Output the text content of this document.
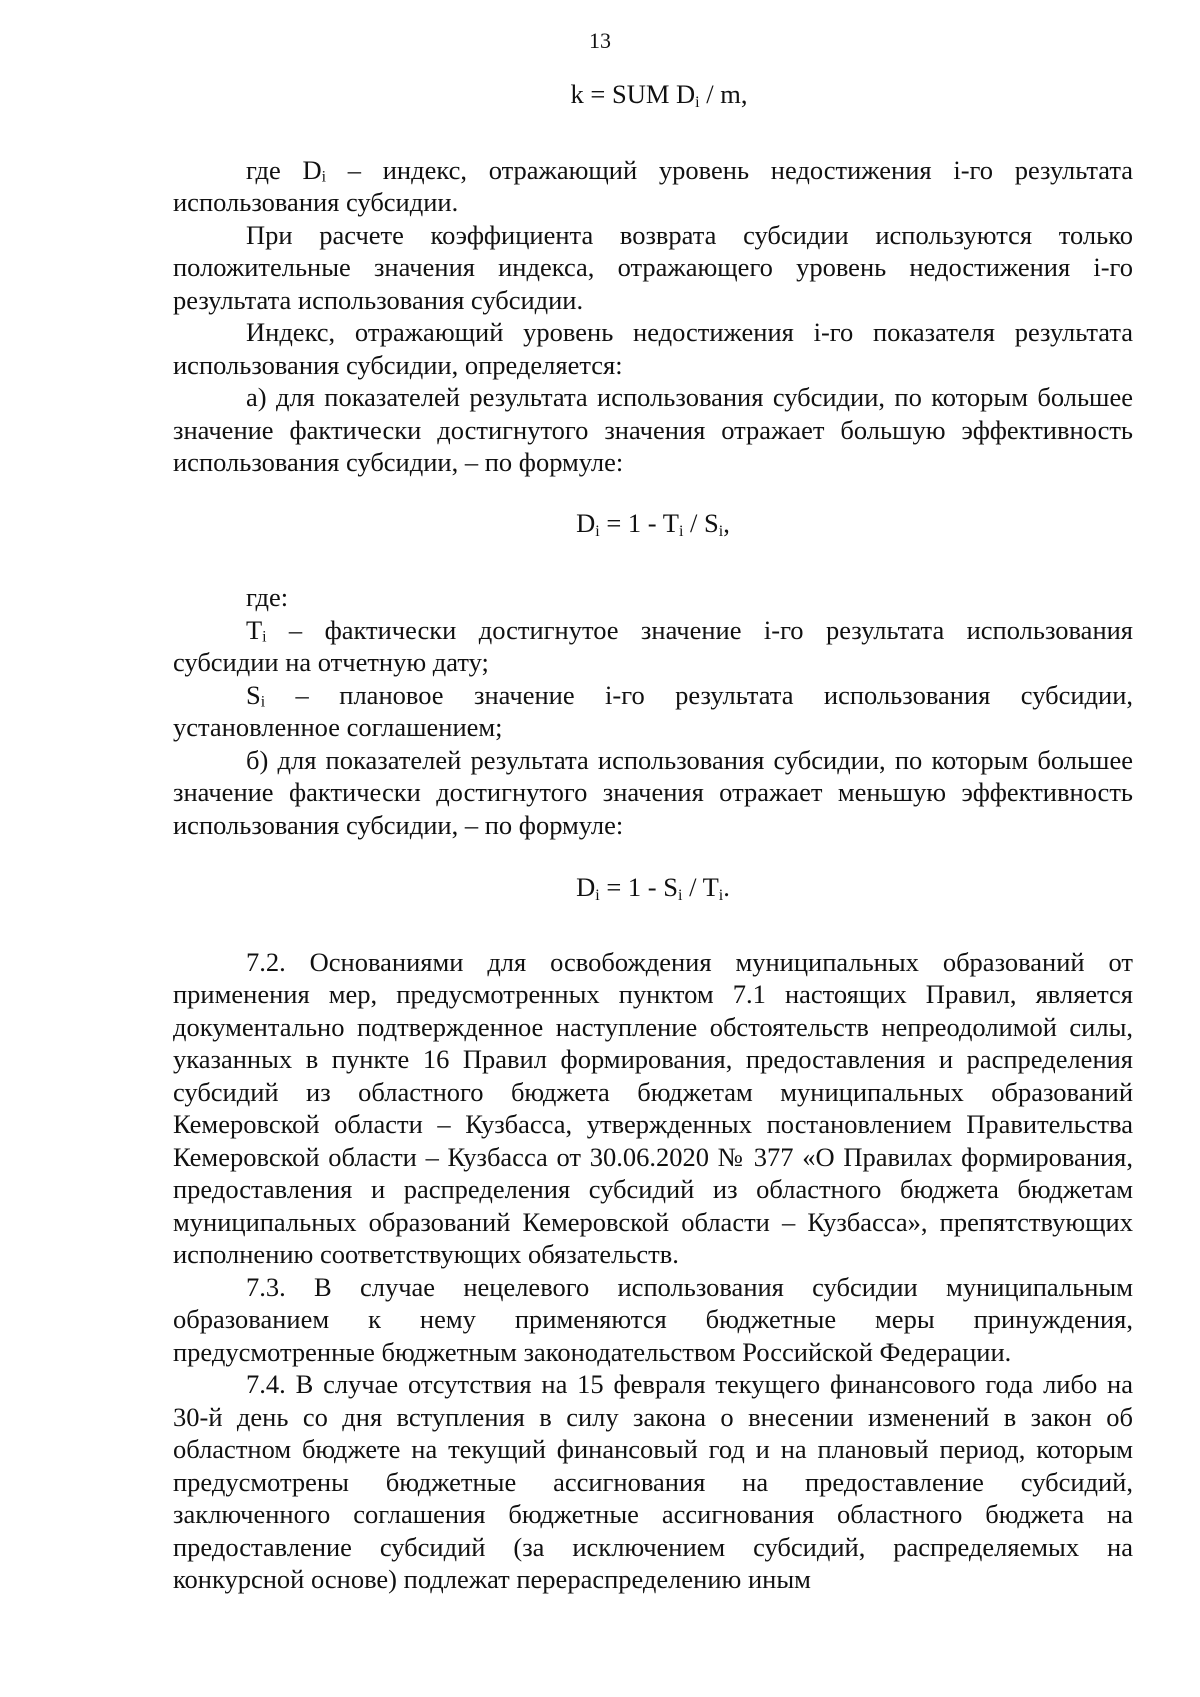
13
k = SUM $D_i$ / m,

где Dᵢ – индекс, отражающий уровень недостижения i-го результата использования субсидии.

При расчете коэффициента возврата субсидии используются только положительные значения индекса, отражающего уровень недостижения i-го результата использования субсидии.

Индекс, отражающий уровень недостижения i-го показателя результата использования субсидии, определяется:

а) для показателей результата использования субсидии, по которым большее значение фактически достигнутого значения отражает большую эффективность использования субсидии, – по формуле:

$D_i = 1 - T_i / S_i$,

где:

Tᵢ – фактически достигнутое значение i-го результата использования субсидии на отчетную дату;

Sᵢ – плановое значение i-го результата использования субсидии, установленное соглашением;

б) для показателей результата использования субсидии, по которым большее значение фактически достигнутого значения отражает меньшую эффективность использования субсидии, – по формуле:

$D_i = 1 - S_i / T_i$.

7.2. Основаниями для освобождения муниципальных образований от применения мер, предусмотренных пунктом 7.1 настоящих Правил, является документально подтвержденное наступление обстоятельств непреодолимой силы, указанных в пункте 16 Правил формирования, предоставления и распределения субсидий из областного бюджета бюджетам муниципальных образований Кемеровской области – Кузбасса, утвержденных постановлением Правительства Кемеровской области – Кузбасса от 30.06.2020 № 377 «О Правилах формирования, предоставления и распределения субсидий из областного бюджета бюджетам муниципальных образований Кемеровской области – Кузбасса», препятствующих исполнению соответствующих обязательств.

7.3. В случае нецелевого использования субсидии муниципальным образованием к нему применяются бюджетные меры принуждения, предусмотренные бюджетным законодательством Российской Федерации.

7.4. В случае отсутствия на 15 февраля текущего финансового года либо на 30-й день со дня вступления в силу закона о внесении изменений в закон об областном бюджете на текущий финансовый год и на плановый период, которым предусмотрены бюджетные ассигнования на предоставление субсидий, заключенного соглашения бюджетные ассигнования областного бюджета на предоставление субсидий (за исключением субсидий, распределяемых на конкурсной основе) подлежат перераспределению иным
